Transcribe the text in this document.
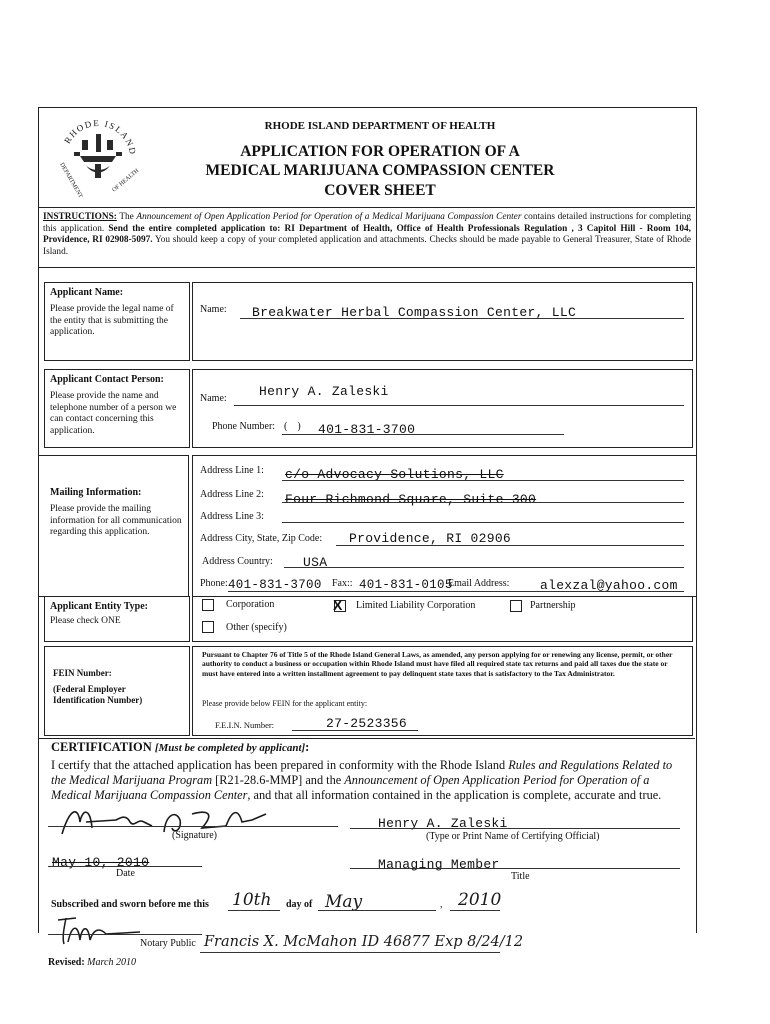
RHODE ISLAND
DEPARTMENT	OF HEALTH
RHODE ISLAND DEPARTMENT OF HEALTH
APPLICATION FOR OPERATION OF A
MEDICAL MARIJUANA COMPASSION CENTER
COVER SHEET
INSTRUCTIONS: The Announcement of Open Application Period for Operation of a Medical Marijuana Compassion Center contains detailed instructions for completing this application. Send the entire completed application to: RI Department of Health, Office of Health Professionals Regulation , 3 Capitol Hill - Room 104, Providence, RI 02908-5097. You should keep a copy of your completed application and attachments. Checks should be made payable to General Treasurer, State of Rhode Island.
Applicant Name:
Please provide the legal name of the entity that is submitting the application.
Name: Breakwater Herbal Compassion Center, LLC
Applicant Contact Person:
Please provide the name and telephone number of a person we can contact concerning this application.
Name: Henry A. Zaleski
Phone Number: (    ) 401-831-3700
Mailing Information:
Please provide the mailing information for all communication regarding this application.
Address Line 1: c/o Advocacy Solutions, LLC
Address Line 2: Four Richmond Square, Suite 300
Address Line 3:
Address City, State, Zip Code: Providence, RI 02906
Address Country: USA
Phone: 401-831-3700 Fax:: 401-831-0105
Email Address: alexzal@yahoo.com
Applicant Entity Type:
Please check ONE
Corporation	X Limited Liability Corporation	Partnership
Other (specify)
FEIN Number:
(Federal Employer Identification Number)
Pursuant to Chapter 76 of Title 5 of the Rhode Island General Laws, as amended, any person applying for or renewing any license, permit, or other authority to conduct a business or occupation within Rhode Island must have filed all required state tax returns and paid all taxes due the state or must have entered into a written installment agreement to pay delinquent state taxes that is satisfactory to the Tax Administrator.
Please provide below FEIN for the applicant entity:
F.E.I.N. Number:	27-2523356
CERTIFICATION [Must be completed by applicant]:
I certify that the attached application has been prepared in conformity with the Rhode Island Rules and Regulations Related to the Medical Marijuana Program [R21-28.6-MMP] and the Announcement of Open Application Period for Operation of a Medical Marijuana Compassion Center, and that all information contained in the application is complete, accurate and true.
(Signature)
Henry A. Zaleski
(Type or Print Name of Certifying Official)
May 10, 2010
Date
Managing Member
Title
Subscribed and sworn before me this 10th day of May	, 2010
Notary Public Francis X. McMahon ID 46877 Exp 8/24/12
Revised: March 2010
